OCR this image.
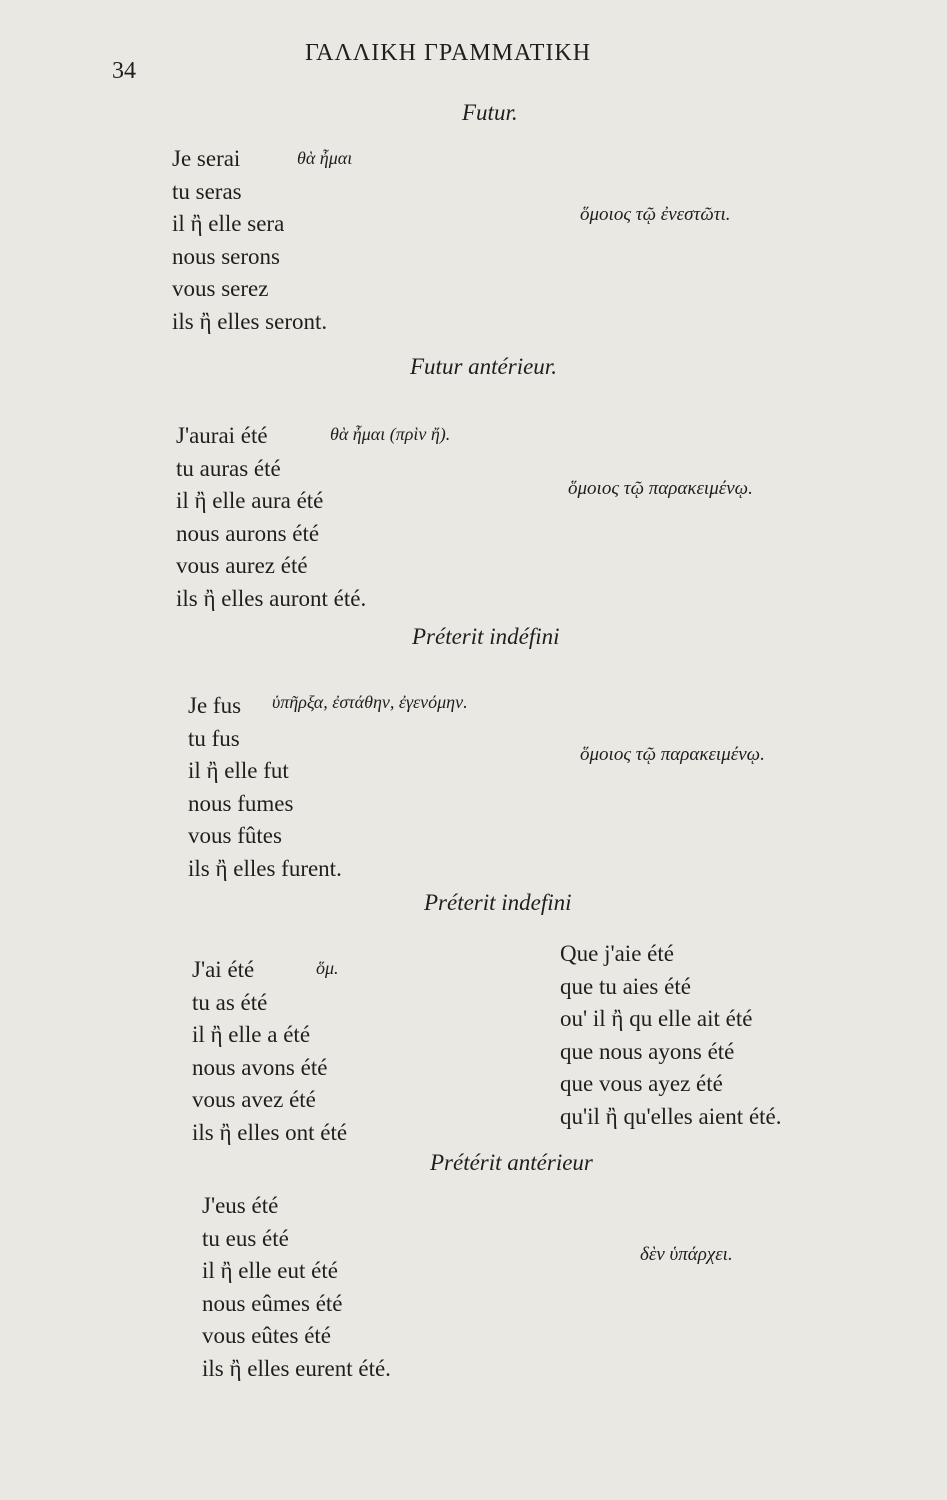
34
ΓΑΛΛΙΚΗ ΓΡΑΜΜΑΤΙΚΗ
Futur.
Je serai
tu seras
il ἢ elle sera
nous serons
vous serez
ils ἢ elles seront.
θὰ ἦμαι
ὅμοιος τῷ ἐνεστῶτι.
Futur antérieur.
J'aurai été
tu auras été
il ἢ elle aura été
nous aurons été
vous aurez été
ils ἢ elles auront été.
θὰ ἦμαι (πρὶν ἤ).
ὅμοιος τῷ παρακειμένῳ.
Préterit indéfini
Je fus
tu fus
il ἢ elle fut
nous fumes
vous fûtes
ils ἢ elles furent.
ὑπῆρξα, ἐστάθην, ἐγενόμην.
ὅμοιος τῷ παρακειμένῳ.
Préterit indefini
J'ai été
tu as été
il ἢ elle a été
nous avons été
vous avez été
ils ἢ elles ont été
ὅμ.
Que j'aie été
que tu aies été
ou' il ἢ qu elle ait été
que nous ayons été
que vous ayez été
qu'il ἢ qu'elles aient été.
Prétérit antérieur
J'eus été
tu eus été
il ἢ elle eut été
nous eûmes été
vous eûtes été
ils ἢ elles eurent été.
δὲν ὑπάρχει.
